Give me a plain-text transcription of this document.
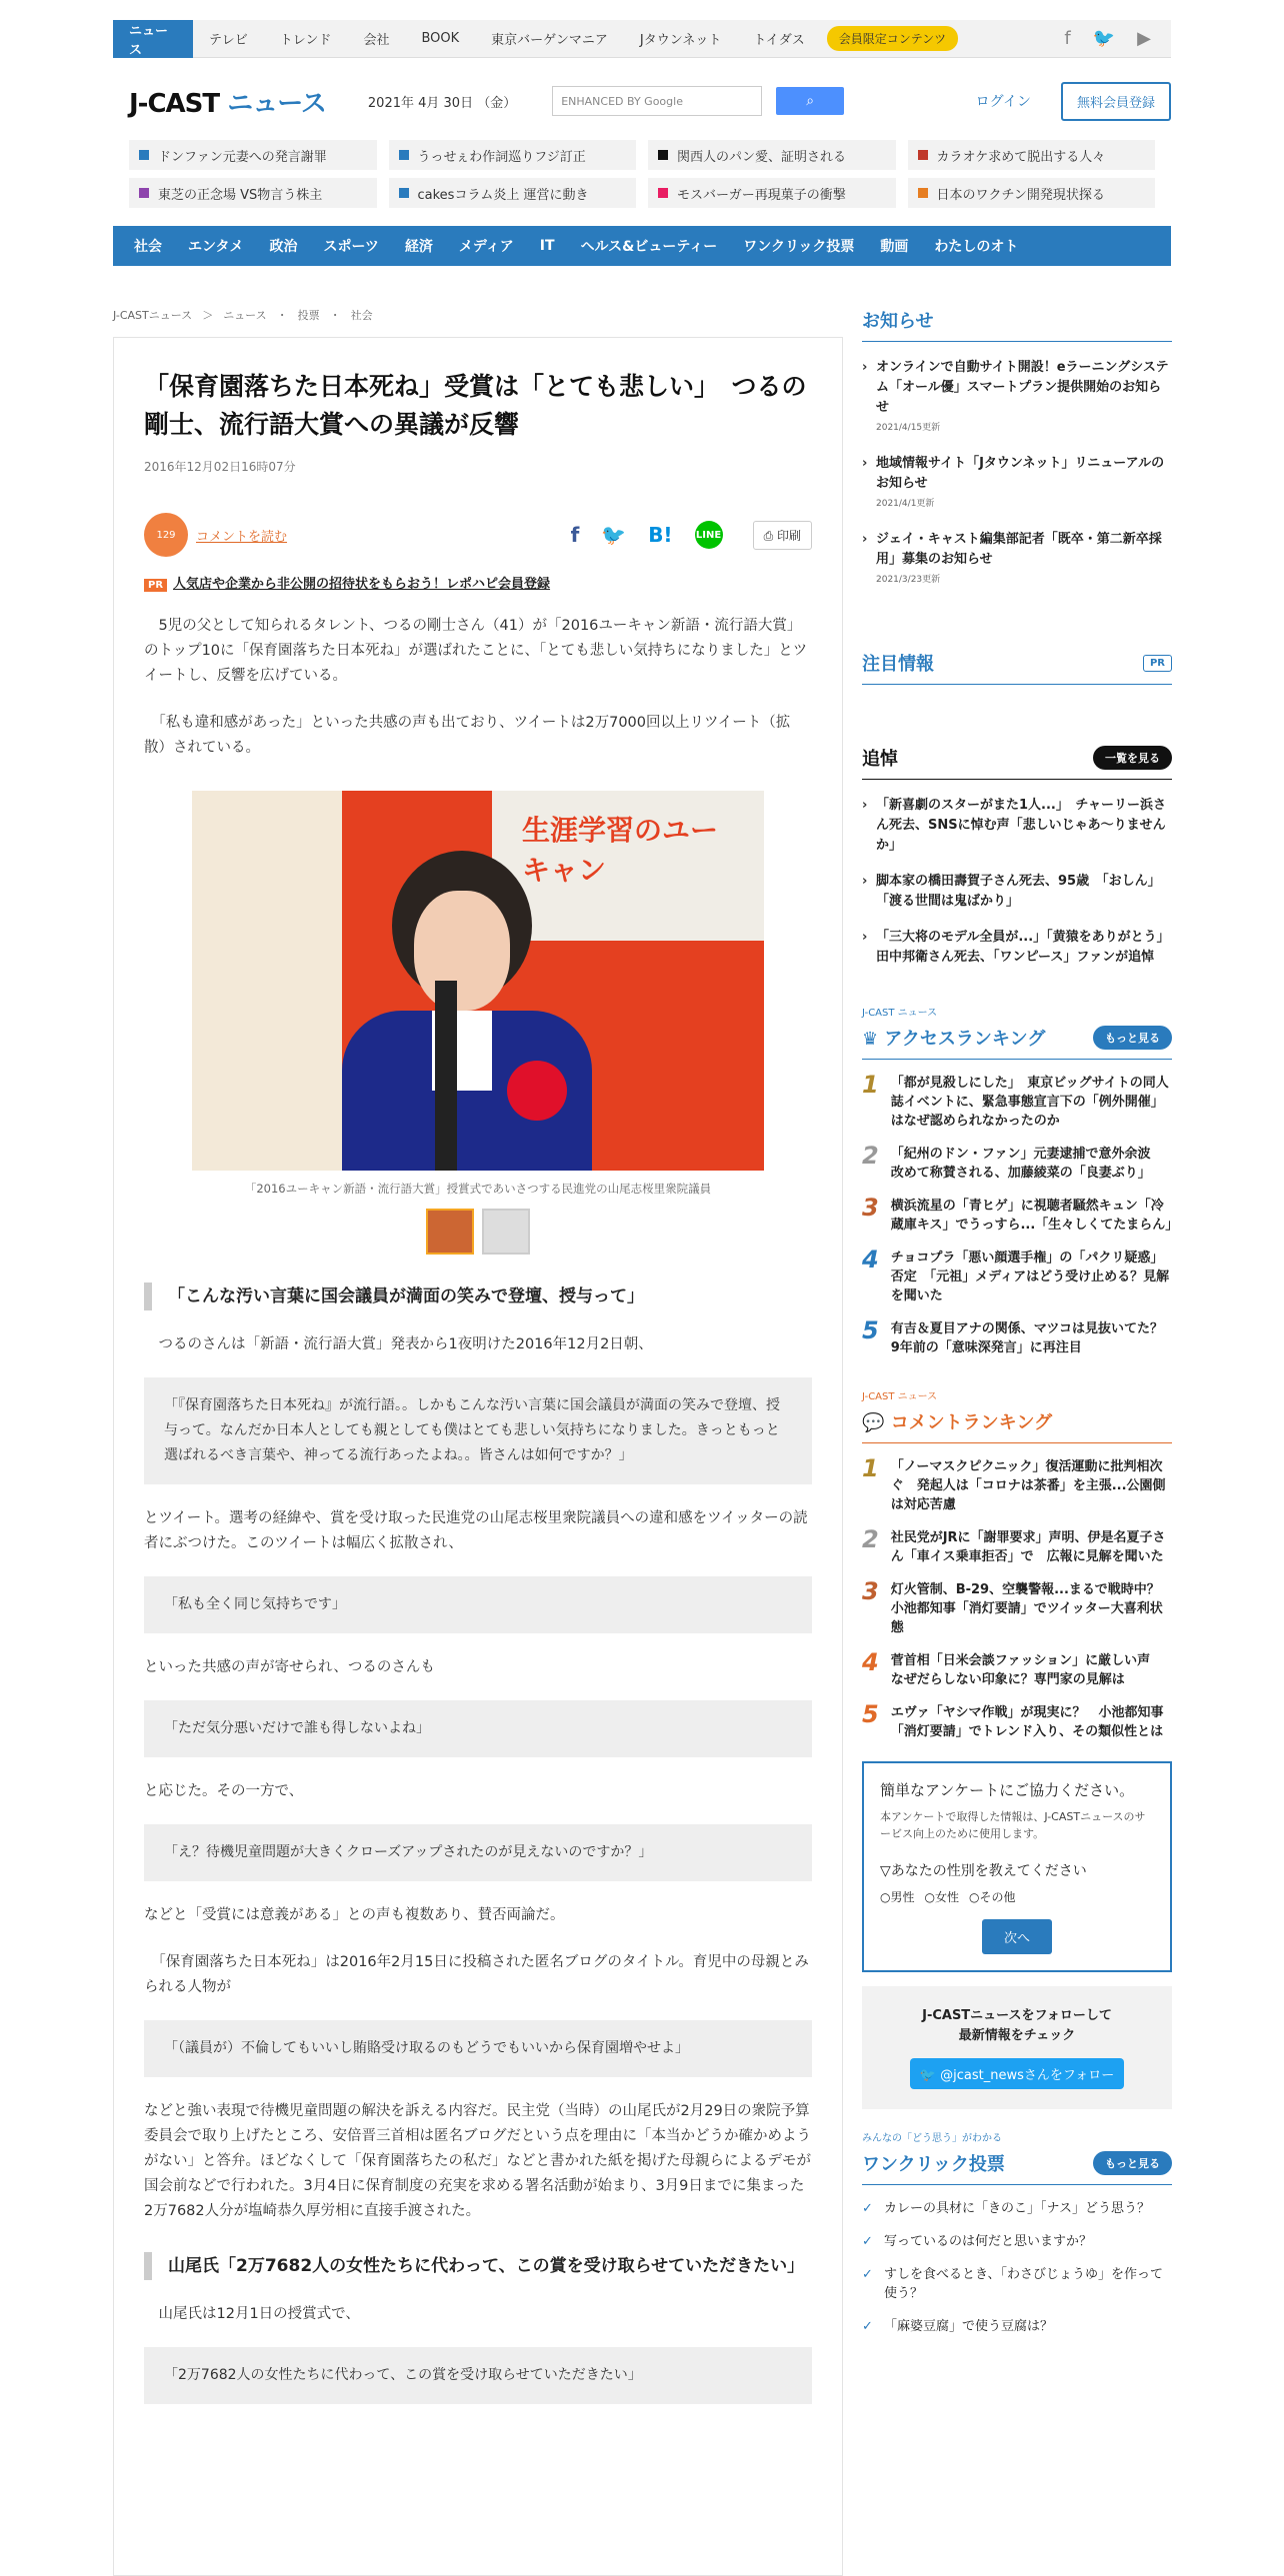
ニュース
テレビ	トレンド	会社	BOOK	東京バーゲンマニア	Jタウンネット	トイダス	会員限定コンテンツ	f 🐦 ▶
J-CAST ニュース	2021年 4月 30日 （金）	ENHANCED BY Google	⌕	ログイン	無料会員登録
ドンファン元妻への発言謝罪	うっせぇわ作詞巡りフジ訂正	関西人のパン愛、証明される	カラオケ求めて脱出する人々
東芝の正念場 VS物言う株主	cakesコラム炎上 運営に動き	モスバーガー再現菓子の衝撃	日本のワクチン開発現状探る
社会	エンタメ	政治	スポーツ	経済	メディア	IT	ヘルス&ビューティー	ワンクリック投票	動画	わたしのオト
J-CASTニュース ＞ ニュース ・ 投票 ・ 社会
「保育園落ちた日本死ね」受賞は「とても悲しい」　つるの剛士、流行語大賞への異議が反響
2016年12月02日16時07分
129	コメントを読む	f 🐦 B! LINE	⎙ 印刷
PR 人気店や企業から非公開の招待状をもらおう！レポハピ会員登録

　5児の父として知られるタレント、つるの剛士さん（41）が「2016ユーキャン新語・流行語大賞」のトップ10に「保育園落ちた日本死ね」が選ばれたことに、「とても悲しい気持ちになりました」とツイートし、反響を広げている。

　「私も違和感があった」といった共感の声も出ており、ツイートは2万7000回以上リツイート（拡散）されている。

生涯学習のユーキャン
「2016ユーキャン新語・流行語大賞」授賞式であいさつする民進党の山尾志桜里衆院議員
「こんな汚い言葉に国会議員が満面の笑みで登壇、授与って」

　つるのさんは「新語・流行語大賞」発表から1夜明けた2016年12月2日朝、

「『保育園落ちた日本死ね』が流行語。。しかもこんな汚い言葉に国会議員が満面の笑みで登壇、授与って。なんだか日本人としても親としても僕はとても悲しい気持ちになりました。きっともっと選ばれるべき言葉や、神ってる流行あったよね。。皆さんは如何ですか？」

とツイート。選考の経緯や、賞を受け取った民進党の山尾志桜里衆院議員への違和感をツイッターの読者にぶつけた。このツイートは幅広く拡散され、

「私も全く同じ気持ちです」

といった共感の声が寄せられ、つるのさんも

「ただ気分悪いだけで誰も得しないよね」

と応じた。その一方で、

「え？待機児童問題が大きくクローズアップされたのが見えないのですか？」

などと「受賞には意義がある」との声も複数あり、賛否両論だ。

　「保育園落ちた日本死ね」は2016年2月15日に投稿された匿名ブログのタイトル。育児中の母親とみられる人物が

「（議員が）不倫してもいいし賄賂受け取るのもどうでもいいから保育園増やせよ」

などと強い表現で待機児童問題の解決を訴える内容だ。民主党（当時）の山尾氏が2月29日の衆院予算委員会で取り上げたところ、安倍晋三首相は匿名ブログだという点を理由に「本当かどうか確かめようがない」と答弁。ほどなくして「保育園落ちたの私だ」などと書かれた紙を掲げた母親らによるデモが国会前などで行われた。3月4日に保育制度の充実を求める署名活動が始まり、3月9日までに集まった2万7682人分が塩崎恭久厚労相に直接手渡された。

山尾氏「2万7682人の女性たちに代わって、この賞を受け取らせていただきたい」

　山尾氏は12月1日の授賞式で、

「2万7682人の女性たちに代わって、この賞を受け取らせていただきたい」
お知らせ
› オンラインで自動サイト開設！eラーニングシステム「オール優」スマートプラン提供開始のお知らせ
2021/4/15更新
› 地域情報サイト「Jタウンネット」リニューアルのお知らせ
2021/4/1更新
› ジェイ・キャスト編集部記者「既卒・第二新卒採用」募集のお知らせ
2021/3/23更新
注目情報	PR
追悼	一覧を見る
› 「新喜劇のスターがまた1人...」　チャーリー浜さん死去、SNSに悼む声「悲しいじゃあ～りませんか」
› 脚本家の橋田壽賀子さん死去、95歳　「おしん」「渡る世間は鬼ばかり」
› 「三大将のモデル全員が...」「黄猿をありがとう」　田中邦衛さん死去、「ワンピース」ファンが追悼
J-CAST ニュース
♛ アクセスランキング	もっと見る
1 「都が見殺しにした」　東京ビッグサイトの同人誌イベントに、緊急事態宣言下の「例外開催」はなぜ認められなかったのか
2 「紀州のドン・ファン」元妻逮捕で意外余波　改めて称賛される、加藤綾菜の「良妻ぶり」
3 横浜流星の「青ヒゲ」に視聴者騒然キュン「冷蔵庫キス」でうっすら...「生々しくてたまらん」
4 チョコプラ「悪い顔選手権」の「パクリ疑惑」否定　「元祖」メディアはどう受け止める？見解を聞いた
5 有吉＆夏目アナの関係、マツコは見抜いてた？　9年前の「意味深発言」に再注目
J-CAST ニュース
💬 コメントランキング
1 「ノーマスクピクニック」復活運動に批判相次ぐ　発起人は「コロナは茶番」を主張...公園側は対応苦慮
2 社民党がJRに「謝罪要求」声明、伊是名夏子さん「車イス乗車拒否」で　広報に見解を聞いた
3 灯火管制、B-29、空襲警報...まるで戦時中？　小池都知事「消灯要請」でツイッター大喜利状態
4 菅首相「日米会談ファッション」に厳しい声　なぜだらしない印象に？専門家の見解は
5 エヴァ「ヤシマ作戦」が現実に？　小池都知事「消灯要請」でトレンド入り、その類似性とは
簡単なアンケートにご協力ください。
本アンケートで取得した情報は、J-CASTニュースのサービス向上のために使用します。
▽あなたの性別を教えてください
○男性 ○女性 ○その他
次へ
J-CASTニュースをフォローして最新情報をチェック
🐦 @jcast_newsさんをフォロー
みんなの「どう思う」がわかる
ワンクリック投票	もっと見る
✓ カレーの具材に「きのこ」「ナス」どう思う？
✓ 写っているのは何だと思いますか？
✓ すしを食べるとき、「わさびじょうゆ」を作って使う？
✓ 「麻婆豆腐」で使う豆腐は？
